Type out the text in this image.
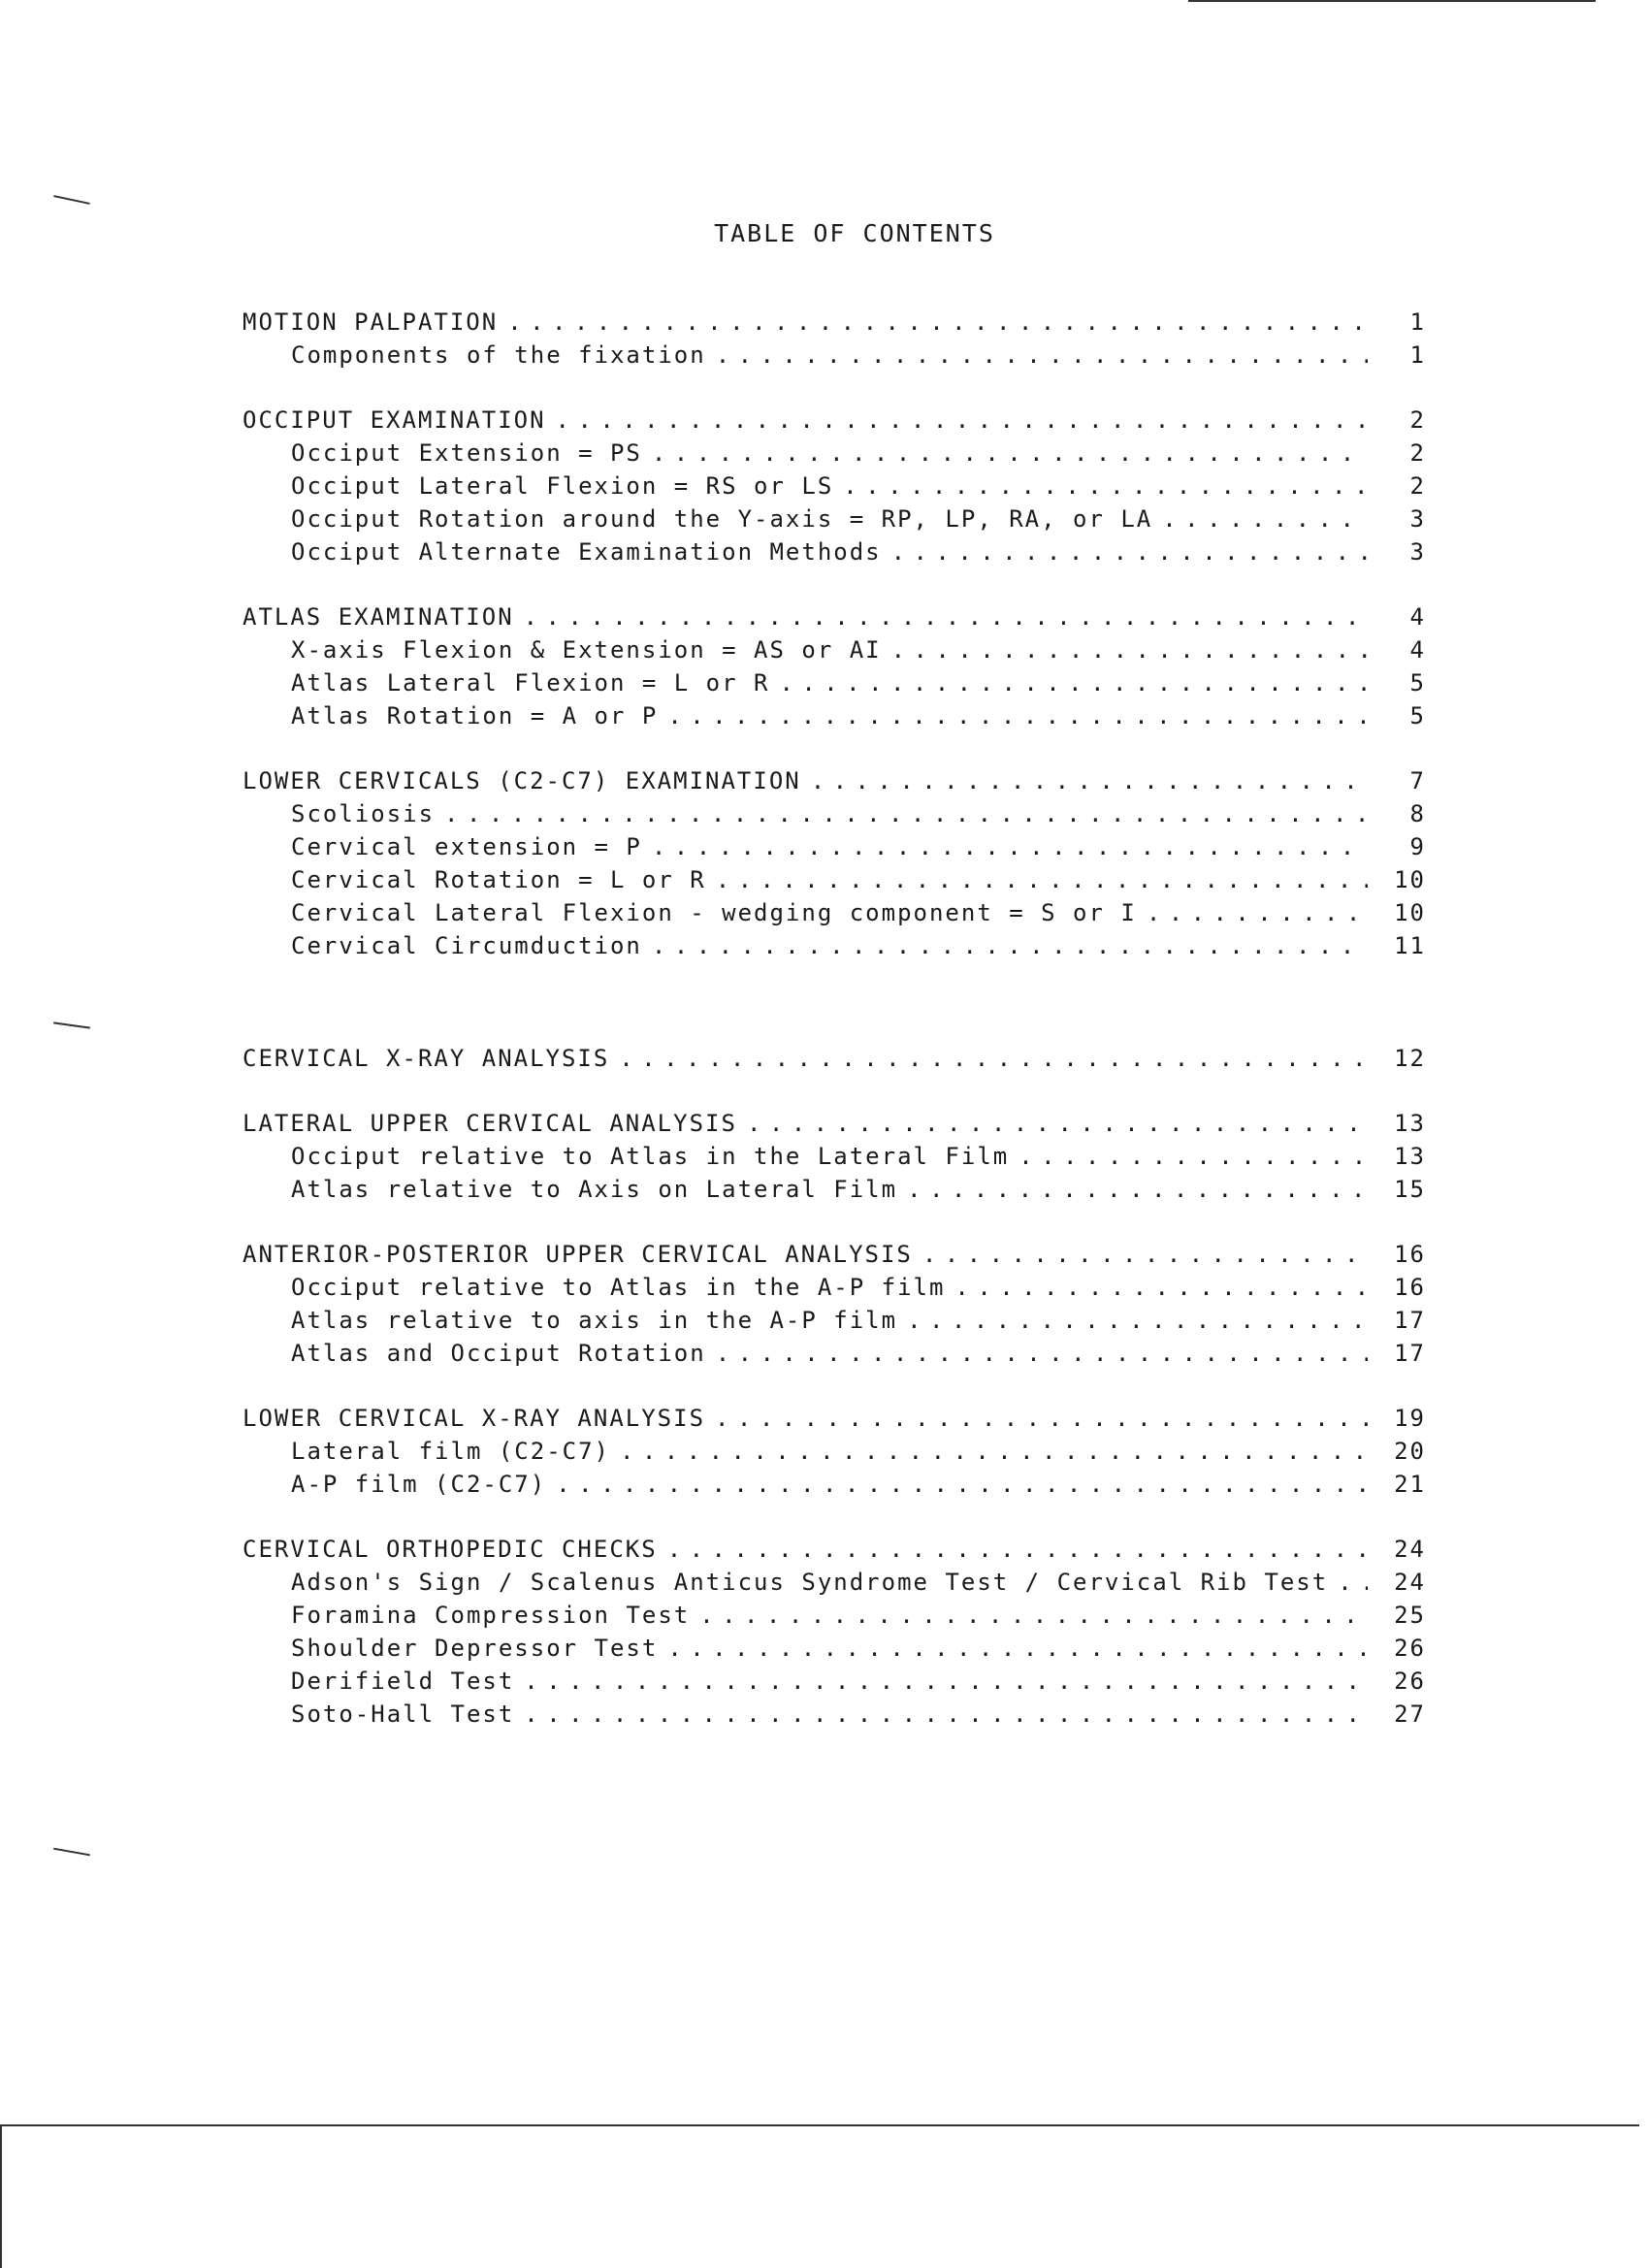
TABLE OF CONTENTS
MOTION PALPATION . . .	1
Components of the fixation . . .	1
OCCIPUT EXAMINATION . . .	2
Occiput Extension = PS . . .	2
Occiput Lateral Flexion = RS or LS . . .	2
Occiput Rotation around the Y-axis = RP, LP, RA, or LA . . .	3
Occiput Alternate Examination Methods . . .	3
ATLAS EXAMINATION . . .	4
X-axis Flexion & Extension = AS or AI . . .	4
Atlas Lateral Flexion = L or R . . .	5
Atlas Rotation = A or P . . .	5
LOWER CERVICALS (C2-C7) EXAMINATION . . .	7
Scoliosis . . .	8
Cervical extension = P . . .	9
Cervical Rotation = L or R . . .	10
Cervical Lateral Flexion - wedging component = S or I . . .	10
Cervical Circumduction . . .	11
CERVICAL X-RAY ANALYSIS . . .	12
LATERAL UPPER CERVICAL ANALYSIS . . .	13
Occiput relative to Atlas in the Lateral Film . . .	13
Atlas relative to Axis on Lateral Film . . .	15
ANTERIOR-POSTERIOR UPPER CERVICAL ANALYSIS . . .	16
Occiput relative to Atlas in the A-P film . . .	16
Atlas relative to axis in the A-P film . . .	17
Atlas and Occiput Rotation . . .	17
LOWER CERVICAL X-RAY ANALYSIS . . .	19
Lateral film (C2-C7) . . .	20
A-P film (C2-C7) . . .	21
CERVICAL ORTHOPEDIC CHECKS . . .	24
Adson's Sign / Scalenus Anticus Syndrome Test / Cervical Rib Test . . .	24
Foramina Compression Test . . .	25
Shoulder Depressor Test . . .	26
Derifield Test . . .	26
Soto-Hall Test . . .	27
